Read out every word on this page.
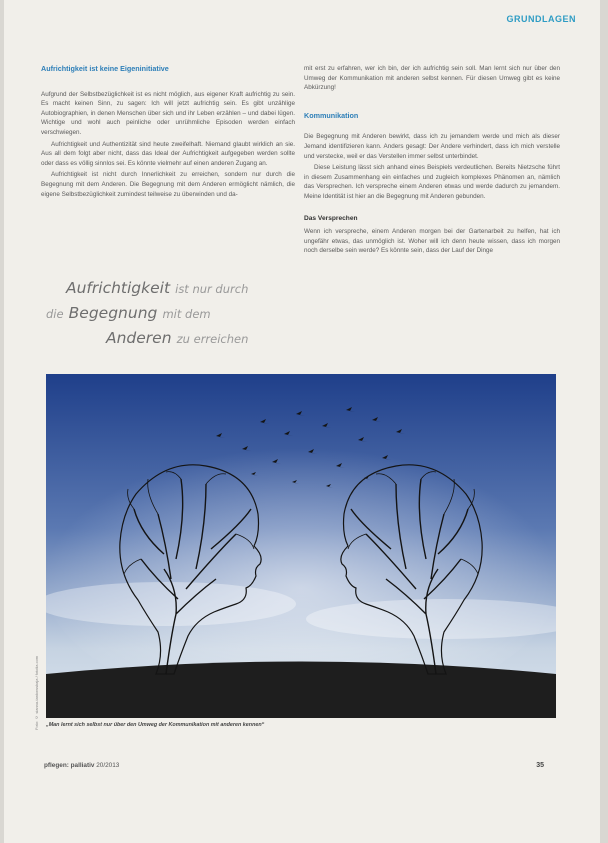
GRUNDLAGEN
Aufrichtigkeit ist keine Eigeninitiative

Aufgrund der Selbstbezüglichkeit ist es nicht möglich, aus eigener Kraft aufrichtig zu sein. Es macht keinen Sinn, zu sagen: Ich will jetzt aufrichtig sein. Es gibt unzählige Autobiographien, in denen Menschen über sich und ihr Leben erzählen – und dabei lügen. Wichtige und wohl auch peinliche oder unrühmliche Episoden werden einfach verschwiegen.

Aufrichtigkeit und Authentizität sind heute zweifelhaft. Niemand glaubt wirklich an sie. Aus all dem folgt aber nicht, dass das Ideal der Aufrichtigkeit aufgegeben werden sollte oder dass es völlig sinnlos sei. Es könnte vielmehr auf einen anderen Zugang an.

Aufrichtigkeit ist nicht durch Innerlichkeit zu erreichen, sondern nur durch die Begegnung mit dem Anderen. Die Begegnung mit dem Anderen ermöglicht nämlich, die eigene Selbstbezüglichkeit zumindest teilweise zu überwinden und da-

Aufrichtigkeit ist nur durch
die Begegnung mit dem
Anderen zu erreichen

mit erst zu erfahren, wer ich bin, der ich aufrichtig sein soll. Man lernt sich nur über den Umweg der Kommunikation mit anderen selbst kennen. Für diesen Umweg gibt es keine Abkürzung!

Kommunikation

Die Begegnung mit Anderen bewirkt, dass ich zu jemandem werde und mich als dieser Jemand identifizieren kann. Anders gesagt: Der Andere verhindert, dass ich mich verstelle und verstecke, weil er das Verstellen immer selbst unterbindet.

Diese Leistung lässt sich anhand eines Beispiels verdeutlichen. Bereits Nietzsche führt in diesem Zusammenhang ein einfaches und zugleich komplexes Phänomen an, nämlich das Versprechen. Ich verspreche einem Anderen etwas und werde dadurch zu jemandem. Meine Identität ist hier an die Begegnung mit Anderen gebunden.

Das Versprechen

Wenn ich verspreche, einem Anderen morgen bei der Gartenarbeit zu helfen, hat ich ungefähr etwas, das unmöglich ist. Woher will ich denn heute wissen, dass ich morgen noch derselbe sein werde? Es könnte sein, dass der Lauf der Dinge

Foto: © sianna-tankowskaja / fotolia.com	„Man lernt sich selbst nur über den Umweg der Kommunikation mit anderen kennen“
pflegen: palliativ 20/2013	35
